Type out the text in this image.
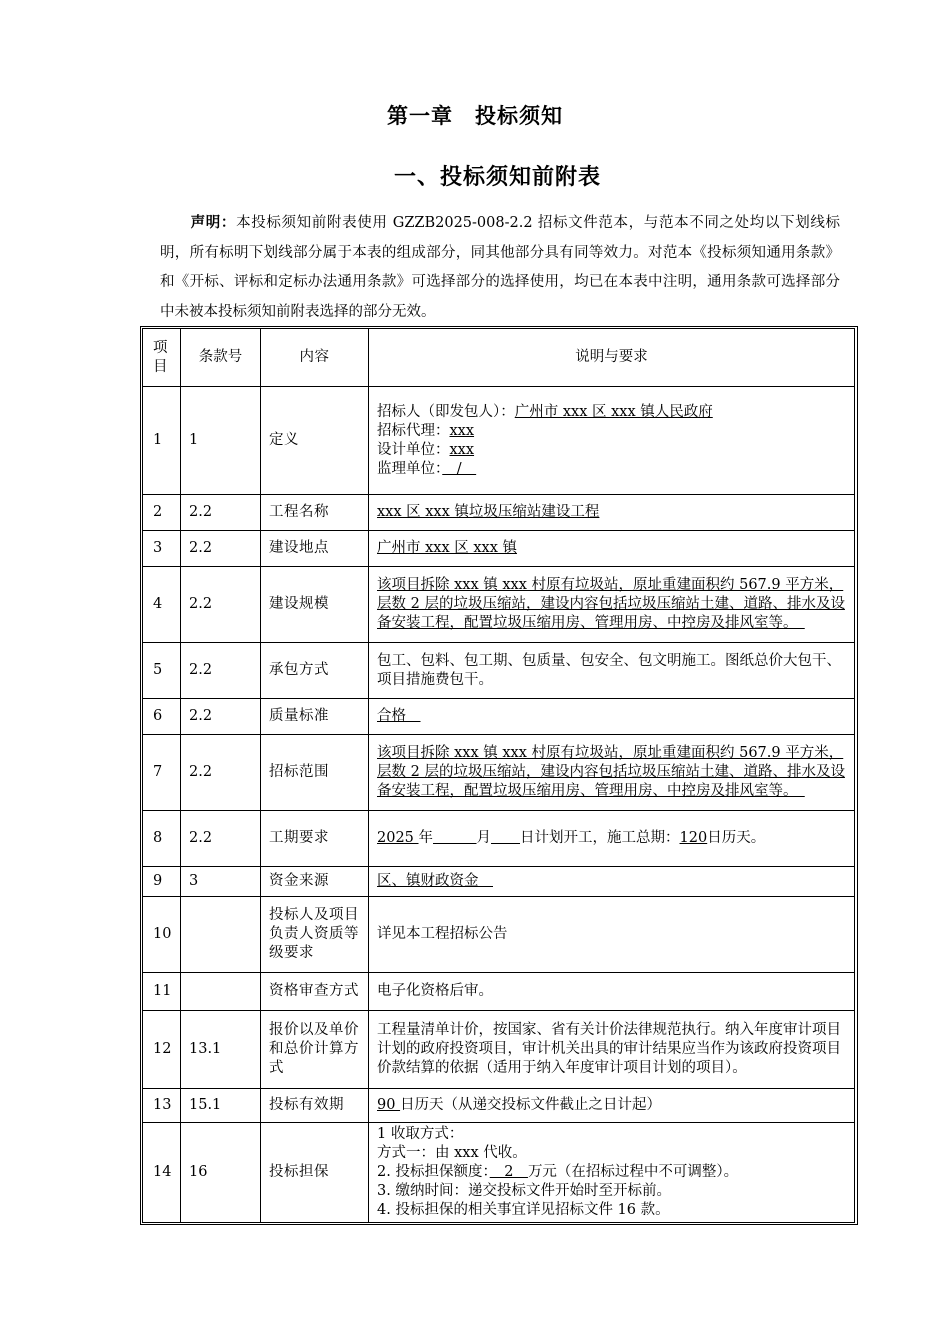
第一章　投标须知
一、投标须知前附表
声明：本投标须知前附表使用 GZZB2025-008-2.2 招标文件范本，与范本不同之处均以下划线标明，所有标明下划线部分属于本表的组成部分，同其他部分具有同等效力。对范本《投标须知通用条款》和《开标、评标和定标办法通用条款》可选择部分的选择使用，均已在本表中注明，通用条款可选择部分中未被本投标须知前附表选择的部分无效。
项目	条款号	内容	说明与要求
1	1	定义	招标人（即发包人）：广州市 xxx 区 xxx 镇人民政府
招标代理：xxx
设计单位：xxx
监理单位：　/　

2	2.2	工程名称	xxx 区 xxx 镇垃圾压缩站建设工程

3	2.2	建设地点	广州市 xxx 区 xxx 镇

4	2.2	建设规模	该项目拆除 xxx 镇 xxx 村原有垃圾站，原址重建面积约 567.9 平方米，层数 2 层的垃圾压缩站，建设内容包括垃圾压缩站土建、道路、排水及设备安装工程，配置垃圾压缩用房、管理用房、中控房及排风室等。　

5	2.2	承包方式	包工、包料、包工期、包质量、包安全、包文明施工。图纸总价大包干、项目措施费包干。

6	2.2	质量标准	合格　

7	2.2	招标范围	该项目拆除 xxx 镇 xxx 村原有垃圾站，原址重建面积约 567.9 平方米，层数 2 层的垃圾压缩站，建设内容包括垃圾压缩站土建、道路、排水及设备安装工程，配置垃圾压缩用房、管理用房、中控房及排风室等。　

8	2.2	工期要求	2025 年　　　 月　　 日计划开工，施工总期：120日历天。
9	3	资金来源	区、镇财政资金　

10		投标人及项目负责人资质等级要求	详见本工程招标公告

11		资格审查方式	电子化资格后审。

12	13.1	报价以及单价和总价计算方式	工程量清单计价，按国家、省有关计价法律规范执行。纳入年度审计项目计划的政府投资项目，审计机关出具的审计结果应当作为该政府投资项目价款结算的依据（适用于纳入年度审计项目计划的项目）。

13	15.1	投标有效期	90 日历天（从递交投标文件截止之日计起）
14	16	投标担保	1 收取方式：
方式一：由 xxx 代收。
2. 投标担保额度：　2　万元（在招标过程中不可调整）。
3. 缴纳时间：递交投标文件开始时至开标前。
4. 投标担保的相关事宜详见招标文件 16 款。
